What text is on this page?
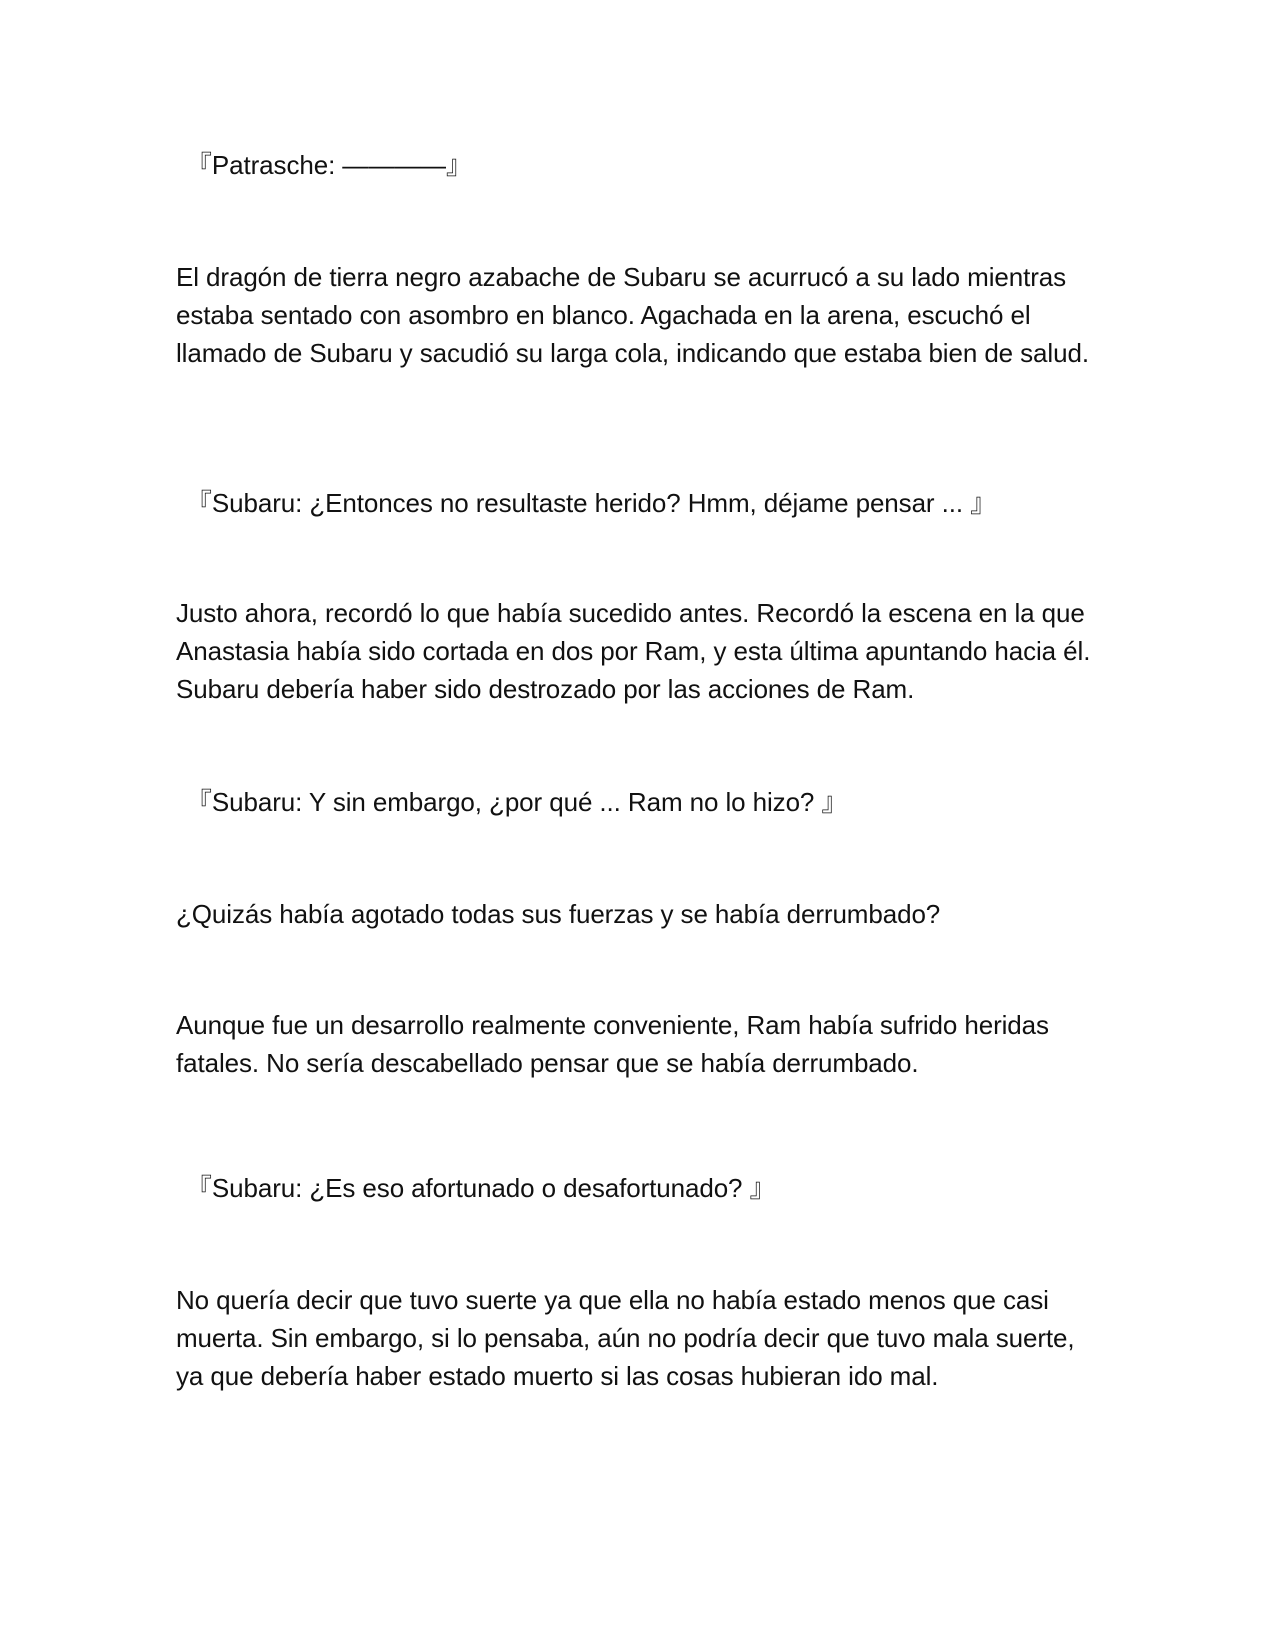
『Patrasche: ————』

El dragón de tierra negro azabache de Subaru se acurrucó a su lado mientras estaba sentado con asombro en blanco. Agachada en la arena, escuchó el llamado de Subaru y sacudió su larga cola, indicando que estaba bien de salud.

『Subaru: ¿Entonces no resultaste herido? Hmm, déjame pensar ... 』

Justo ahora, recordó lo que había sucedido antes. Recordó la escena en la que Anastasia había sido cortada en dos por Ram, y esta última apuntando hacia él. Subaru debería haber sido destrozado por las acciones de Ram.

『Subaru: Y sin embargo, ¿por qué ... Ram no lo hizo? 』

¿Quizás había agotado todas sus fuerzas y se había derrumbado?

Aunque fue un desarrollo realmente conveniente, Ram había sufrido heridas fatales. No sería descabellado pensar que se había derrumbado.

『Subaru: ¿Es eso afortunado o desafortunado? 』

No quería decir que tuvo suerte ya que ella no había estado menos que casi muerta. Sin embargo, si lo pensaba, aún no podría decir que tuvo mala suerte, ya que debería haber estado muerto si las cosas hubieran ido mal.
